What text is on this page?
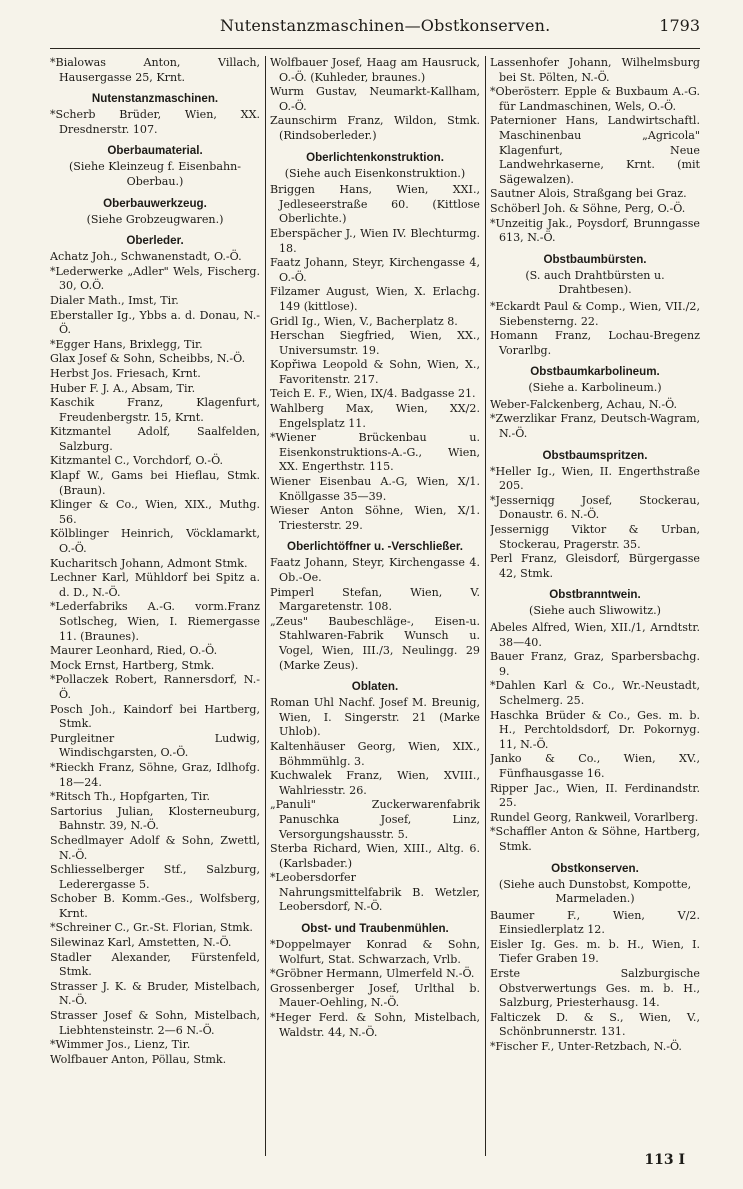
Nutenstanzmaschinen—Obstkonserven.	1793

*Bialowas Anton, Villach, Hausergasse 25, Krnt.

Nutenstanzmaschinen.

*Scherb Brüder, Wien, XX. Dresdnerstr. 107.

Oberbaumaterial.

(Siehe Kleinzeug f. Eisenbahn-Oberbau.)

Oberbauwerkzeug.

(Siehe Grobzeugwaren.)

Oberleder.

Achatz Joh., Schwanenstadt, O.-Ö.

*Lederwerke „Adler" Wels, Fischerg. 30, O.Ö.

Dialer Math., Imst, Tir.

Eberstaller Ig., Ybbs a. d. Donau, N.-Ö.

*Egger Hans, Brixlegg, Tir.

Glax Josef & Sohn, Scheibbs, N.-Ö.

Herbst Jos. Friesach, Krnt.

Huber F. J. A., Absam, Tir.

Kaschik Franz, Klagenfurt, Freudenbergstr. 15, Krnt.

Kitzmantel Adolf, Saalfelden, Salzburg.

Kitzmantel C., Vorchdorf, O.-Ö.

Klapf W., Gams bei Hieflau, Stmk. (Braun).

Klinger & Co., Wien, XIX., Muthg. 56.

Kölblinger Heinrich, Vöcklamarkt, O.-Ö.

Kucharitsch Johann, Admont Stmk.

Lechner Karl, Mühldorf bei Spitz a. d. D., N.-Ö.

*Lederfabriks A.-G. vorm.Franz Sotlscheg, Wien, I. Riemergasse 11. (Braunes).

Maurer Leonhard, Ried, O.-Ö.

Mock Ernst, Hartberg, Stmk.

*Pollaczek Robert, Rannersdorf, N.-Ö.

Posch Joh., Kaindorf bei Hartberg, Stmk.

Purgleitner Ludwig, Windischgarsten, O.-Ö.

*Rieckh Franz, Söhne, Graz, Idlhofg. 18—24.

*Ritsch Th., Hopfgarten, Tir.

Sartorius Julian, Klosterneuburg, Bahnstr. 39, N.-Ö.

Schedlmayer Adolf & Sohn, Zwettl, N.-Ö.

Schliesselberger Stf., Salzburg, Lederergasse 5.

Schober B. Komm.-Ges., Wolfsberg, Krnt.

*Schreiner C., Gr.-St. Florian, Stmk.

Silewinaz Karl, Amstetten, N.-Ö.

Stadler Alexander, Fürstenfeld, Stmk.

Strasser J. K. & Bruder, Mistelbach, N.-Ö.

Strasser Josef & Sohn, Mistelbach, Liebhtensteinstr. 2—6 N.-Ö.

*Wimmer Jos., Lienz, Tir.

Wolfbauer Anton, Pöllau, Stmk.

Wolfbauer Josef, Haag am Hausruck, O.-Ö. (Kuhleder, braunes.)

Wurm Gustav, Neumarkt-Kallham, O.-Ö.

Zaunschirm Franz, Wildon, Stmk. (Rindsoberleder.)

Oberlichtenkonstruktion.

(Siehe auch Eisenkonstruktion.)

Briggen Hans, Wien, XXI., Jedleseerstraße 60. (Kittlose Oberlichte.)

Eberspächer J., Wien IV. Blechturmg. 18.

Faatz Johann, Steyr, Kirchengasse 4, O.-Ö.

Filzamer August, Wien, X. Erlachg. 149 (kittlose).

Gridl Ig., Wien, V., Bacherplatz 8.

Herschan Siegfried, Wien, XX., Universumstr. 19.

Kopřiwa Leopold & Sohn, Wien, X., Favoritenstr. 217.

Teich E. F., Wien, IX/4. Badgasse 21.

Wahlberg Max, Wien, XX/2. Engelsplatz 11.

*Wiener Brückenbau u. Eisenkonstruktions-A.-G., Wien, XX. Engerthstr. 115.

Wiener Eisenbau A.-G, Wien, X/1. Knöllgasse 35—39.

Wieser Anton Söhne, Wien, X/1. Triesterstr. 29.

Oberlichtöffner u. -Verschließer.

Faatz Johann, Steyr, Kirchengasse 4. Ob.-Oe.

Pimperl Stefan, Wien, V. Margaretenstr. 108.

„Zeus" Baubeschläge-, Eisen-u. Stahlwaren-Fabrik Wunsch u. Vogel, Wien, III./3, Neulingg. 29 (Marke Zeus).

Oblaten.

Roman Uhl Nachf. Josef M. Breunig, Wien, I. Singerstr. 21 (Marke Uhlob).

Kaltenhäuser Georg, Wien, XIX., Böhmmühlg. 3.

Kuchwalek Franz, Wien, XVIII., Wahlriesstr. 26.

„Panuli" Zuckerwarenfabrik Panuschka Josef, Linz, Versorgungshausstr. 5.

Sterba Richard, Wien, XIII., Altg. 6. (Karlsbader.)

*Leobersdorfer Nahrungsmittelfabrik B. Wetzler, Leobersdorf, N.-Ö.

Obst- und Traubenmühlen.

*Doppelmayer Konrad & Sohn, Wolfurt, Stat. Schwarzach, Vrlb.

*Gröbner Hermann, Ulmerfeld N.-Ö.

Grossenberger Josef, Urlthal b. Mauer-Oehling, N.-Ö.

*Heger Ferd. & Sohn, Mistelbach, Waldstr. 44, N.-Ö.

Lassenhofer Johann, Wilhelmsburg bei St. Pölten, N.-Ö.

*Oberösterr. Epple & Buxbaum A.-G. für Landmaschinen, Wels, O.-Ö.

Paternioner Hans, Landwirtschaftl. Maschinenbau „Agricola" Klagenfurt, Neue Landwehrkaserne, Krnt. (mit Sägewalzen).

Sautner Alois, Straßgang bei Graz.

Schöberl Joh. & Söhne, Perg, O.-Ö.

*Unzeitig Jak., Poysdorf, Brunngasse 613, N.-Ö.

Obstbaumbürsten.

(S. auch Drahtbürsten u. Drahtbesen).

*Eckardt Paul & Comp., Wien, VII./2, Siebensterng. 22.

Homann Franz, Lochau-Bregenz Vorarlbg.

Obstbaumkarbolineum.

(Siehe a. Karbolineum.)

Weber-Falckenberg, Achau, N.-Ö.

*Zwerzlikar Franz, Deutsch-Wagram, N.-Ö.

Obstbaumspritzen.

*Heller Ig., Wien, II. Engerthstraße 205.

*Jesserniqg Josef, Stockerau, Donaustr. 6. N.-Ö.

Jessernigg Viktor & Urban, Stockerau, Pragerstr. 35.

Perl Franz, Gleisdorf, Bürgergasse 42, Stmk.

Obstbranntwein.

(Siehe auch Sliwowitz.)

Abeles Alfred, Wien, XII./1, Arndtstr. 38—40.

Bauer Franz, Graz, Sparbersbachg. 9.

*Dahlen Karl & Co., Wr.-Neustadt, Schelmerg. 25.

Haschka Brüder & Co., Ges. m. b. H., Perchtoldsdorf, Dr. Pokornyg. 11, N.-Ö.

Janko & Co., Wien, XV., Fünfhausgasse 16.

Ripper Jac., Wien, II. Ferdinandstr. 25.

Rundel Georg, Rankweil, Vorarlberg.

*Schaffler Anton & Söhne, Hartberg, Stmk.

Obstkonserven.

(Siehe auch Dunstobst, Kompotte, Marmeladen.)

Baumer F., Wien, V/2. Einsiedlerplatz 12.

Eisler Ig. Ges. m. b. H., Wien, I. Tiefer Graben 19.

Erste Salzburgische Obstverwertungs Ges. m. b. H., Salzburg, Priesterhausg. 14.

Falticzek D. & S., Wien, V., Schönbrunnerstr. 131.

*Fischer F., Unter-Retzbach, N.-Ö.

113 I
